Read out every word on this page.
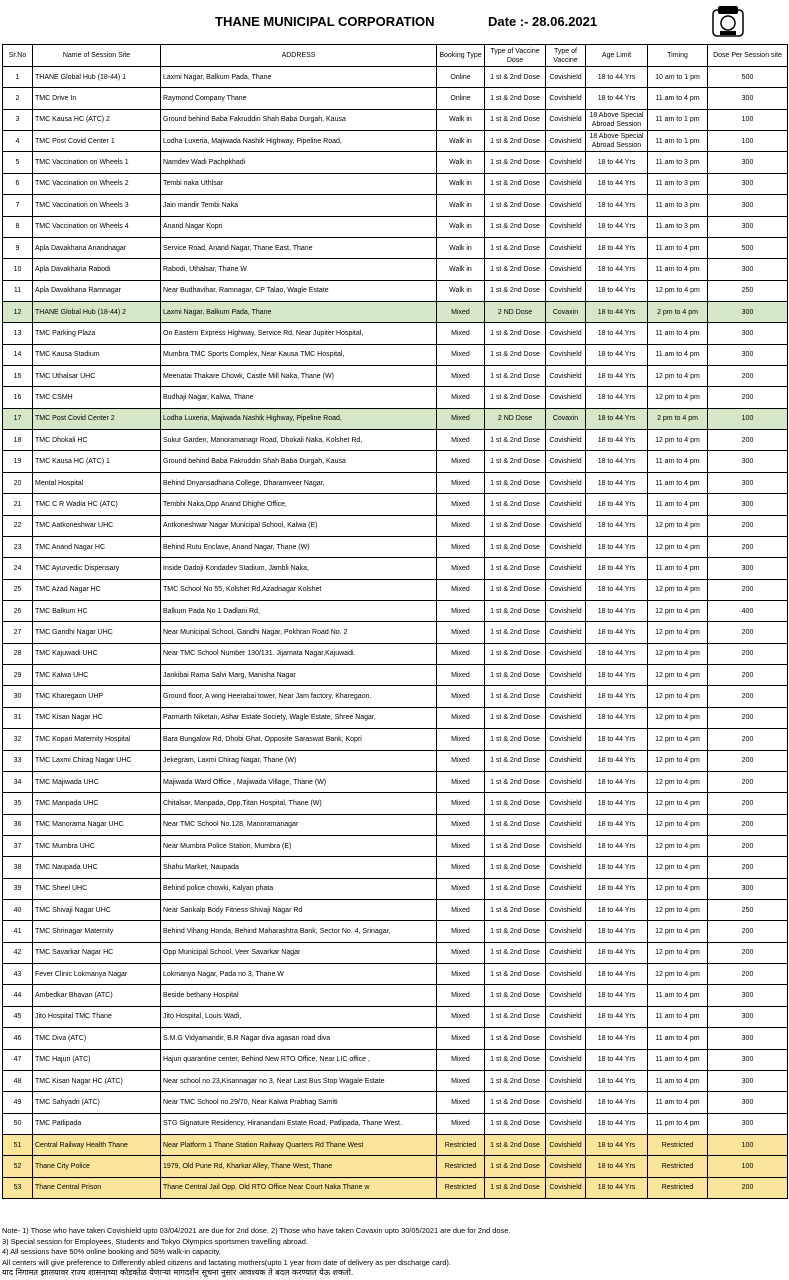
THANE MUNICIPAL CORPORATION	Date :- 28.06.2021
Sr.No	Name of Session Site	ADDRESS	Booking Type	Type of Vaccine Dose	Type of Vaccine	Age Limit	Timing	Dose Per Session site
1	THANE Global Hub (18-44) 1	Laxmi Nagar, Balkum Pada, Thane	Online	1 st & 2nd Dose	Covishield	18 to 44 Yrs	10 am to 1 pm	500
2	TMC Drive In	Raymond Company Thane	Online	1 st & 2nd Dose	Covishield	18 to 44 Yrs	11 am to 4 pm	300
3	TMC Kausa HC (ATC) 2	Ground behind Baba Fakruddin Shah Baba Durgah, Kausa	Walk in	1 st & 2nd Dose	Covishield	18 Above Special Abroad Session	11 am to 1 pm	100
4	TMC Post Covid Center 1	Lodha Luxeria, Majiwada Nashik Highway, Pipeline Road,	Walk in	1 st & 2nd Dose	Covishield	18 Above Special Abroad Session	11 am to 1 pm	100
5	TMC Vaccination on Wheels 1	Namdev Wadi Pachpkhadi	Walk in	1 st & 2nd Dose	Covishield	18 to 44 Yrs	11 am to 3 pm	300
6	TMC Vaccination on Wheels 2	Tembi naka Uthlsar	Walk in	1 st & 2nd Dose	Covishield	18 to 44 Yrs	11 am to 3 pm	300
7	TMC Vaccination on Wheels 3	Jain mandir Tembi Naka	Walk in	1 st & 2nd Dose	Covishield	18 to 44 Yrs	11 am to 3 pm	300
8	TMC Vaccination on Wheels 4	Anand Nagar Kopri	Walk in	1 st & 2nd Dose	Covishield	18 to 44 Yrs	11 am to 3 pm	300
9	Apla Davakhana Anandnagar	Service Road, Anand Nagar, Thane East, Thane	Walk in	1 st & 2nd Dose	Covishield	18 to 44 Yrs	11 am to 4 pm	500
10	Apla Davakhana Rabodi	Rabodi, Uthalsar, Thane W	Walk in	1 st & 2nd Dose	Covishield	18 to 44 Yrs	11 am to 4 pm	300
11	Apla Davakhana Ramnagar	Near Budhavihar, Ramnagar, CP Talao, Wagle Estate	Walk in	1 st & 2nd Dose	Covishield	18 to 44 Yrs	12 pm to 4 pm	250
12	THANE Global Hub (18-44) 2	Laxmi Nagar, Balkum Pada, Thane	Mixed	2 ND Dose	Covaxin	18 to 44 Yrs	2 pm to 4 pm	300
13	TMC Parking Plaza	On Eastern Express Highway, Service Rd, Near Jupiter Hospital,	Mixed	1 st & 2nd Dose	Covishield	18 to 44 Yrs	11 am to 4 pm	300
14	TMC Kausa Stadium	Mumbra TMC Sports Complex, Near Kausa TMC Hospital,	Mixed	1 st & 2nd Dose	Covishield	18 to 44 Yrs	11 am to 4 pm	300
15	TMC Uthalsar UHC	Meenatai Thakare Chowk, Castle Mill Naka, Thane (W)	Mixed	1 st & 2nd Dose	Covishield	18 to 44 Yrs	12 pm to 4 pm	200
16	TMC CSMH	Budhaji Nagar, Kalwa, Thane	Mixed	1 st & 2nd Dose	Covishield	18 to 44 Yrs	12 pm to 4 pm	200
17	TMC Post Covid Center 2	Lodha Luxeria, Majiwada Nashik Highway, Pipeline Road,	Mixed	2 ND Dose	Covaxin	18 to 44 Yrs	2 pm to 4 pm	100
18	TMC Dhokali HC	Sukur Garden, Manoramanagr Road, Dhokali Naka, Kolshet Rd,	Mixed	1 st & 2nd Dose	Covishield	18 to 44 Yrs	12 pm to 4 pm	200
19	TMC Kausa HC (ATC) 1	Ground behind Baba Fakruddin Shah Baba Durgah, Kausa	Mixed	1 st & 2nd Dose	Covishield	18 to 44 Yrs	11 am to 4 pm	300
20	Mental Hospital	Behind Dnyansadhana College, Dharamveer Nagar,	Mixed	1 st & 2nd Dose	Covishield	18 to 44 Yrs	11 am to 4 pm	300
21	TMC C R Wadia HC (ATC)	Tembhi Naka,Opp Anand Dhighe Office,	Mixed	1 st & 2nd Dose	Covishield	18 to 44 Yrs	11 am to 4 pm	300
22	TMC Aatkoneshwar UHC	Antkoneshwar Nagar Municipal School, Kalwa (E)	Mixed	1 st & 2nd Dose	Covishield	18 to 44 Yrs	12 pm to 4 pm	200
23	TMC Anand Nagar HC	Behind Rutu Enclave, Anand Nagar, Thane (W)	Mixed	1 st & 2nd Dose	Covishield	18 to 44 Yrs	12 pm to 4 pm	200
24	TMC Ayurvedic Dispensary	Inside Dadoji Kondadev Stadium, Jambli Naka,	Mixed	1 st & 2nd Dose	Covishield	18 to 44 Yrs	11 am to 4 pm	300
25	TMC Azad Nagar HC	TMC School No 55, Kolshet Rd,Azadnagar Kolshet	Mixed	1 st & 2nd Dose	Covishield	18 to 44 Yrs	12 pm to 4 pm	200
26	TMC Balkum HC	Balkum Pada No 1 Dadlani Rd,	Mixed	1 st & 2nd Dose	Covishield	18 to 44 Yrs	12 pm to 4 pm	400
27	TMC Gandhi Nagar UHC	Near Municipal School, Gandhi Nagar, Pokhran Road No. 2	Mixed	1 st & 2nd Dose	Covishield	18 to 44 Yrs	12 pm to 4 pm	200
28	TMC Kajuwadi UHC	Near TMC School Number 130/131. Jijamata Nagar,Kajuwadi.	Mixed	1 st & 2nd Dose	Covishield	18 to 44 Yrs	12 pm to 4 pm	200
29	TMC Kalwa UHC	Jankibai Rama Salvi Marg, Manisha Nagar	Mixed	1 st & 2nd Dose	Covishield	18 to 44 Yrs	12 pm to 4 pm	200
30	TMC Kharegaon UHP	Ground floor, A wing Heerabai tower, Near Jam factory, Kharegaon.	Mixed	1 st & 2nd Dose	Covishield	18 to 44 Yrs	12 pm to 4 pm	200
31	TMC Kisan Nagar HC	Parmarth Niketan, Ashar Estate Society, Wagle Estate, Shree Nagar,	Mixed	1 st & 2nd Dose	Covishield	18 to 44 Yrs	12 pm to 4 pm	200
32	TMC Kopari Maternity Hospital	Bara Bungalow Rd, Dhobi Ghat, Opposite Saraswat Bank, Kopri	Mixed	1 st & 2nd Dose	Covishield	18 to 44 Yrs	12 pm to 4 pm	200
33	TMC Laxmi Chirag Nagar UHC	Jekegram, Laxmi Chirag Nagar, Thane (W)	Mixed	1 st & 2nd Dose	Covishield	18 to 44 Yrs	12 pm to 4 pm	200
34	TMC Majiwada UHC	Majiwada Ward Office , Majiwada Village, Thane (W)	Mixed	1 st & 2nd Dose	Covishield	18 to 44 Yrs	12 pm to 4 pm	200
35	TMC Manpada UHC	Chitalsar, Manpada, Opp,Titan Hospital, Thane (W)	Mixed	1 st & 2nd Dose	Covishield	18 to 44 Yrs	12 pm to 4 pm	200
36	TMC Manorama Nagar UHC	Near TMC School No.128, Manoramanagar	Mixed	1 st & 2nd Dose	Covishield	18 to 44 Yrs	12 pm to 4 pm	200
37	TMC Mumbra UHC	Near Mumbra Police Station, Mumbra (E)	Mixed	1 st & 2nd Dose	Covishield	18 to 44 Yrs	12 pm to 4 pm	200
38	TMC Naupada UHC	Shahu Market, Naupada	Mixed	1 st & 2nd Dose	Covishield	18 to 44 Yrs	12 pm to 4 pm	200
39	TMC Sheel UHC	Behind police chowki, Kalyan phata	Mixed	1 st & 2nd Dose	Covishield	18 to 44 Yrs	12 pm to 4 pm	300
40	TMC Shivaji Nagar UHC	Near Sankalp Body Fitness Shivaji Nagar Rd	Mixed	1 st & 2nd Dose	Covishield	18 to 44 Yrs	12 pm to 4 pm	250
41	TMC Shrinagar Maternity	Behind Vihang Honda, Behind Maharashtra Bank, Sector No. 4, Srinagar,	Mixed	1 st & 2nd Dose	Covishield	18 to 44 Yrs	12 pm to 4 pm	200
42	TMC Savarkar Nagar HC	Opp Municipal School, Veer Savarkar Nagar	Mixed	1 st & 2nd Dose	Covishield	18 to 44 Yrs	12 pm to 4 pm	200
43	Fever Clinic Lokmanya Nagar	Lokmanya Nagar, Pada no 3, Thane W	Mixed	1 st & 2nd Dose	Covishield	18 to 44 Yrs	12 pm to 4 pm	200
44	Ambedkar Bhavan (ATC)	Beside bethany Hospital	Mixed	1 st & 2nd Dose	Covishield	18 to 44 Yrs	11 am to 4 pm	300
45	Jito Hospital TMC Thane	Jito Hospital, Louis Wadi,	Mixed	1 st & 2nd Dose	Covishield	18 to 44 Yrs	11 am to 4 pm	300
46	TMC Diva (ATC)	S.M.G Vidyamandir, B.R Nagar diva agasan road diva	Mixed	1 st & 2nd Dose	Covishield	18 to 44 Yrs	11 am to 4 pm	300
47	TMC Hajuri (ATC)	Hajuri quarantine center, Behind New RTO Office, Near LIC office ,	Mixed	1 st & 2nd Dose	Covishield	18 to 44 Yrs	11 am to 4 pm	300
48	TMC Kisan Nagar HC (ATC)	Near school no 23,Kisannagar no 3, Near Last Bus Stop Wagale Estate	Mixed	1 st & 2nd Dose	Covishield	18 to 44 Yrs	11 am to 4 pm	300
49	TMC Sahyadri (ATC)	Near TMC School no.29/70, Near Kalwa Prabhag Samiti	Mixed	1 st & 2nd Dose	Covishield	18 to 44 Yrs	11 am to 4 pm	300
50	TMC Patlipada	STG Signature Residency, Hiranandani Estate Road, Patlipada, Thane West.	Mixed	1 st & 2nd Dose	Covishield	18 to 44 Yrs	11 pm to 4 pm	300
51	Central Railway Health Thane	Near Platform 1 Thane Station Railway Quarters Rd Thane West	Restricted	1 st & 2nd Dose	Covishield	18 to 44 Yrs	Restricted	100
52	Thane City Police	1979, Old Pune Rd, Kharkar Alley, Thane West, Thane	Restricted	1 st & 2nd Dose	Covishield	18 to 44 Yrs	Restricted	100
53	Thane Central Prison	Thane Central Jail Opp. Old RTO Office Near Court Naka Thane w	Restricted	1 st & 2nd Dose	Covishield	18 to 44 Yrs	Restricted	200
Note- 1) Those who have taken Covishield upto 03/04/2021 are due for 2nd dose. 2) Those who have taken Covaxin upto 30/05/2021 are due for 2nd dose.
3) Special session for Employees, Students and Tokyo Olympics sportsmen travelling abroad.
4) All sessions have 50% online booking and 50% walk-in capacity.
All centers will give preference to Differently abled citizens and lactating mothers(upto 1 year from date of delivery as per discharge card).
याद निगामत झालयावर राज्य शासनाच्या कोडकोळ येणाऱ्या मागदर्शन सूचना नुसार आवश्यक ते बदल करण्यात येऊ शकतो.
